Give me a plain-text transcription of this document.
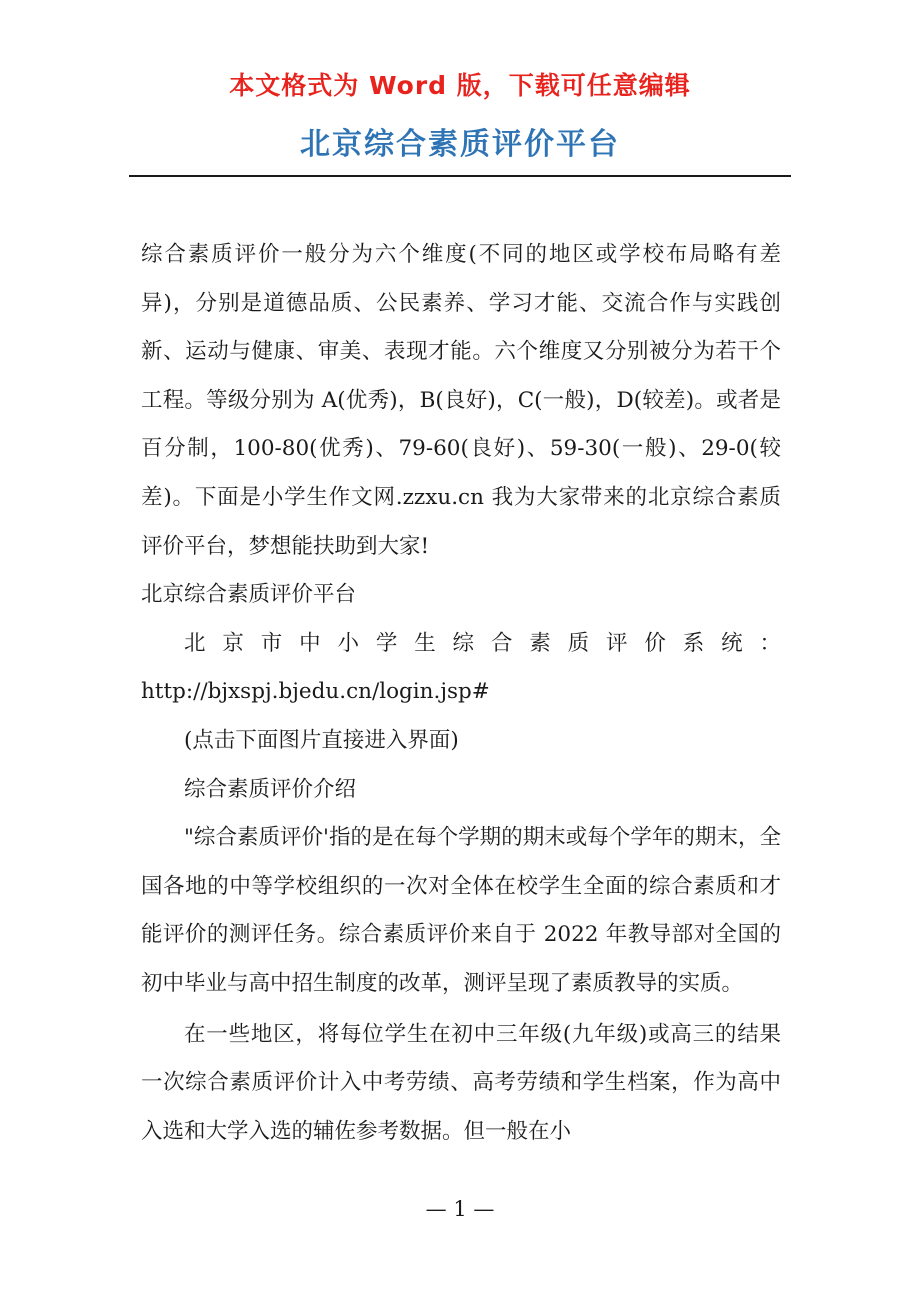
本文格式为 Word 版，下载可任意编辑
北京综合素质评价平台

综合素质评价一般分为六个维度(不同的地区或学校布局略有差异)，分别是道德品质、公民素养、学习才能、交流合作与实践创新、运动与健康、审美、表现才能。六个维度又分别被分为若干个工程。等级分别为 A(优秀)，B(良好)，C(一般)，D(较差)。或者是百分制，100-80(优秀)、79-60(良好)、59-30(一般)、29-0(较差)。下面是小学生作文网.zzxu.cn 我为大家带来的北京综合素质评价平台，梦想能扶助到大家!

北京综合素质评价平台

北京市中小学生综合素质评价系统：

http://bjxspj.bjedu.cn/login.jsp#

(点击下面图片直接进入界面)

综合素质评价介绍

"综合素质评价'指的是在每个学期的期末或每个学年的期末，全国各地的中等学校组织的一次对全体在校学生全面的综合素质和才能评价的测评任务。综合素质评价来自于 2022 年教导部对全国的初中毕业与高中招生制度的改革，测评呈现了素质教导的实质。

在一些地区，将每位学生在初中三年级(九年级)或高三的结果一次综合素质评价计入中考劳绩、高考劳绩和学生档案，作为高中入选和大学入选的辅佐参考数据。但一般在小

— 1 —
